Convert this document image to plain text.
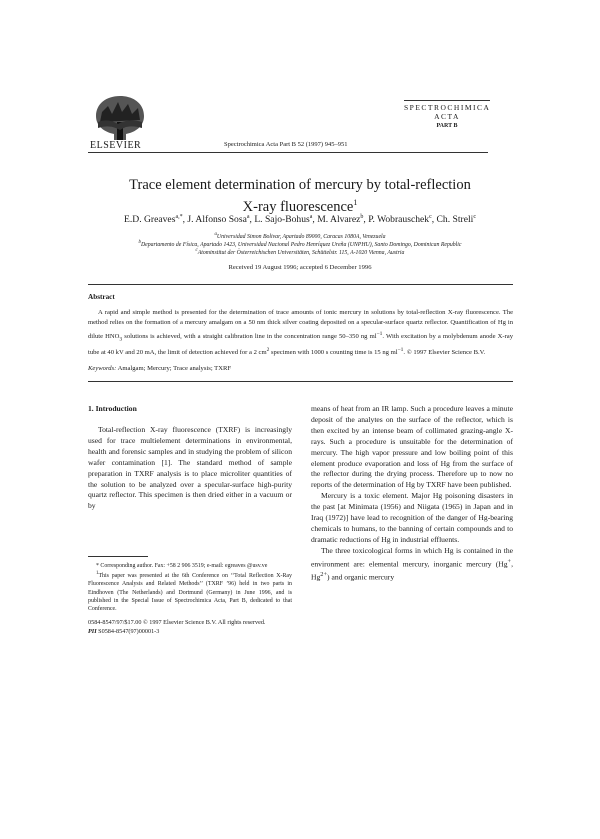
ELSEVIER	Spectrochimica Acta Part B 52 (1997) 945–951
SPECTROCHIMICA
ACTA
PART B
Trace element determination of mercury by total-reflection
X-ray fluorescence$^1$
E.D. Greaves$^{a,*}$, J. Alfonso Sosa$^a$, L. Sajo-Bohus$^a$, M. Alvarez$^b$, P. Wobrauschek$^c$, Ch. Streli$^c$
$^a$Universidad Simon Bolivar, Apartado 89000, Caracas 1080A, Venezuela
$^b$Departamento de Física, Apartado 1423, Universidad Nacional Pedro Henríquez Ureña (UNPHU), Santo Domingo, Dominican Republic
$^c$Atominstitut der Österreichischen Universitäten, Schüttelstr. 115, A-1020 Vienna, Austria
Received 19 August 1996; accepted 6 December 1996
Abstract
A rapid and simple method is presented for the determination of trace amounts of ionic mercury in solutions by total-reflection X-ray fluorescence. The method relies on the formation of a mercury amalgam on a 50 nm thick silver coating deposited on a specular-surface quartz reflector. Quantification of Hg in dilute $HNO_3$ solutions is achieved, with a straight calibration line in the concentration range 50–350 ng $ml^{-1}$. With excitation by a molybdenum anode X-ray tube at 40 kV and 20 mA, the limit of detection achieved for a 2 $cm^2$ specimen with 1000 s counting time is 15 ng $ml^{-1}$. © 1997 Elsevier Science B.V.
Keywords: Amalgam; Mercury; Trace analysis; TXRF
1. Introduction

Total-reflection X-ray fluorescence (TXRF) is increasingly used for trace multielement determinations in environmental, health and forensic samples and in studying the problem of silicon wafer contamination [1]. The standard method of sample preparation in TXRF analysis is to place microliter quantities of the solution to be analyzed over a specular-surface high-purity quartz reflector. This specimen is then dried either in a vacuum or by

means of heat from an IR lamp. Such a procedure leaves a minute deposit of the analytes on the surface of the reflector, which is then excited by an intense beam of collimated grazing-angle X-rays. Such a procedure is unsuitable for the determination of mercury. The high vapor pressure and low boiling point of this element produce evaporation and loss of Hg from the surface of the reflector during the drying process. Therefore up to now no reports of the determination of Hg by TXRF have been published.

Mercury is a toxic element. Major Hg poisoning disasters in the past [at Minimata (1956) and Niigata (1965) in Japan and in Iraq (1972)] have lead to recognition of the danger of Hg-bearing chemicals to humans, to the banning of certain compounds and to dramatic reductions of Hg in industrial effluents.

The three toxicological forms in which Hg is contained in the environment are: elemental mercury, inorganic mercury (Hg+, $Hg^{2+}$) and organic mercury

* Corresponding author. Fax: +58 2 906 3519; e-mail: egreaves @usv.ve

$^1$This paper was presented at the 6th Conference on ‘‘Total Reflection X-Ray Fluorescence Analysis and Related Methods’’ (TXRF ’96) held in two parts in Eindhoven (The Netherlands) and Dortmund (Germany) in June 1996, and is published in the Special Issue of Spectrochimica Acta, Part B, dedicated to that Conference.

0584-8547/97/$17.00 © 1997 Elsevier Science B.V. All rights reserved.
PII S0584-8547(97)00001-3
